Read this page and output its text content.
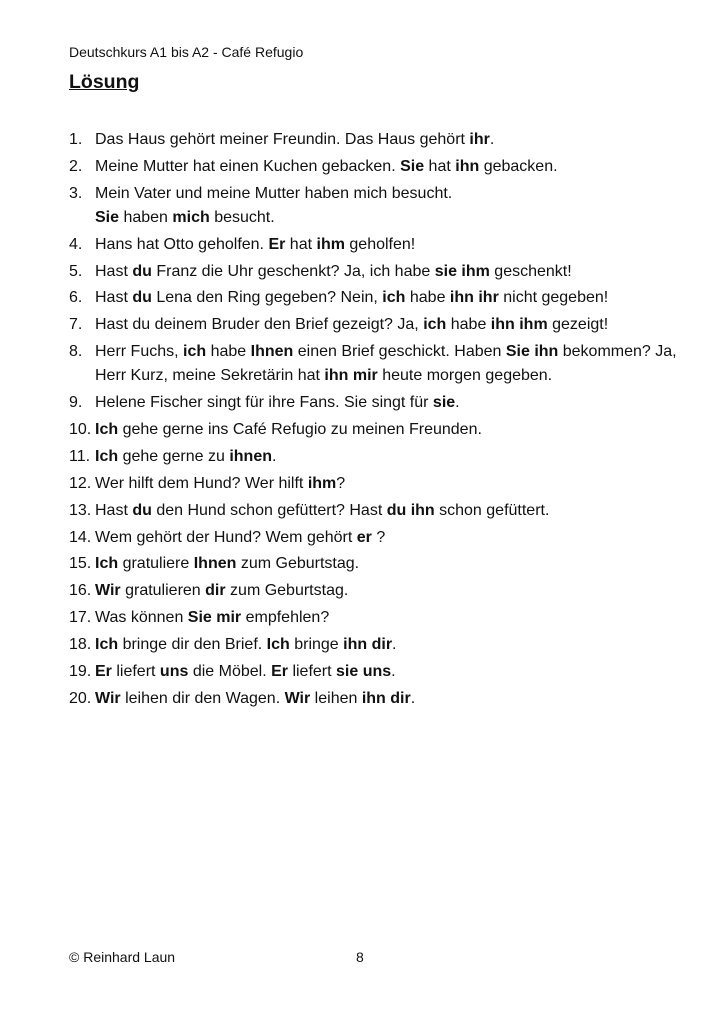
Deutschkurs A1 bis A2 - Café Refugio
Lösung
1. Das Haus gehört meiner Freundin. Das Haus gehört ihr.
2. Meine Mutter hat einen Kuchen gebacken. Sie hat ihn gebacken.
3. Mein Vater und meine Mutter haben mich besucht.
Sie haben mich besucht.
4. Hans hat Otto geholfen. Er hat ihm geholfen!
5. Hast du Franz die Uhr geschenkt? Ja, ich habe sie ihm geschenkt!
6. Hast du Lena den Ring gegeben? Nein, ich habe ihn ihr nicht gegeben!
7. Hast du deinem Bruder den Brief gezeigt? Ja, ich habe ihn ihm gezeigt!
8. Herr Fuchs, ich habe Ihnen einen Brief geschickt. Haben Sie ihn bekommen? Ja, Herr Kurz, meine Sekretärin hat ihn mir heute morgen gegeben.
9. Helene Fischer singt für ihre Fans. Sie singt für sie.
10. Ich gehe gerne ins Café Refugio zu meinen Freunden.
11. Ich gehe gerne zu ihnen.
12. Wer hilft dem Hund? Wer hilft ihm?
13. Hast du den Hund schon gefüttert? Hast du ihn schon gefüttert.
14. Wem gehört der Hund? Wem gehört er ?
15. Ich gratuliere Ihnen zum Geburtstag.
16. Wir gratulieren dir zum Geburtstag.
17. Was können Sie mir empfehlen?
18. Ich bringe dir den Brief. Ich bringe ihn dir.
19. Er liefert uns die Möbel. Er liefert sie uns.
20. Wir leihen dir den Wagen. Wir leihen ihn dir.
© Reinhard Laun	8
